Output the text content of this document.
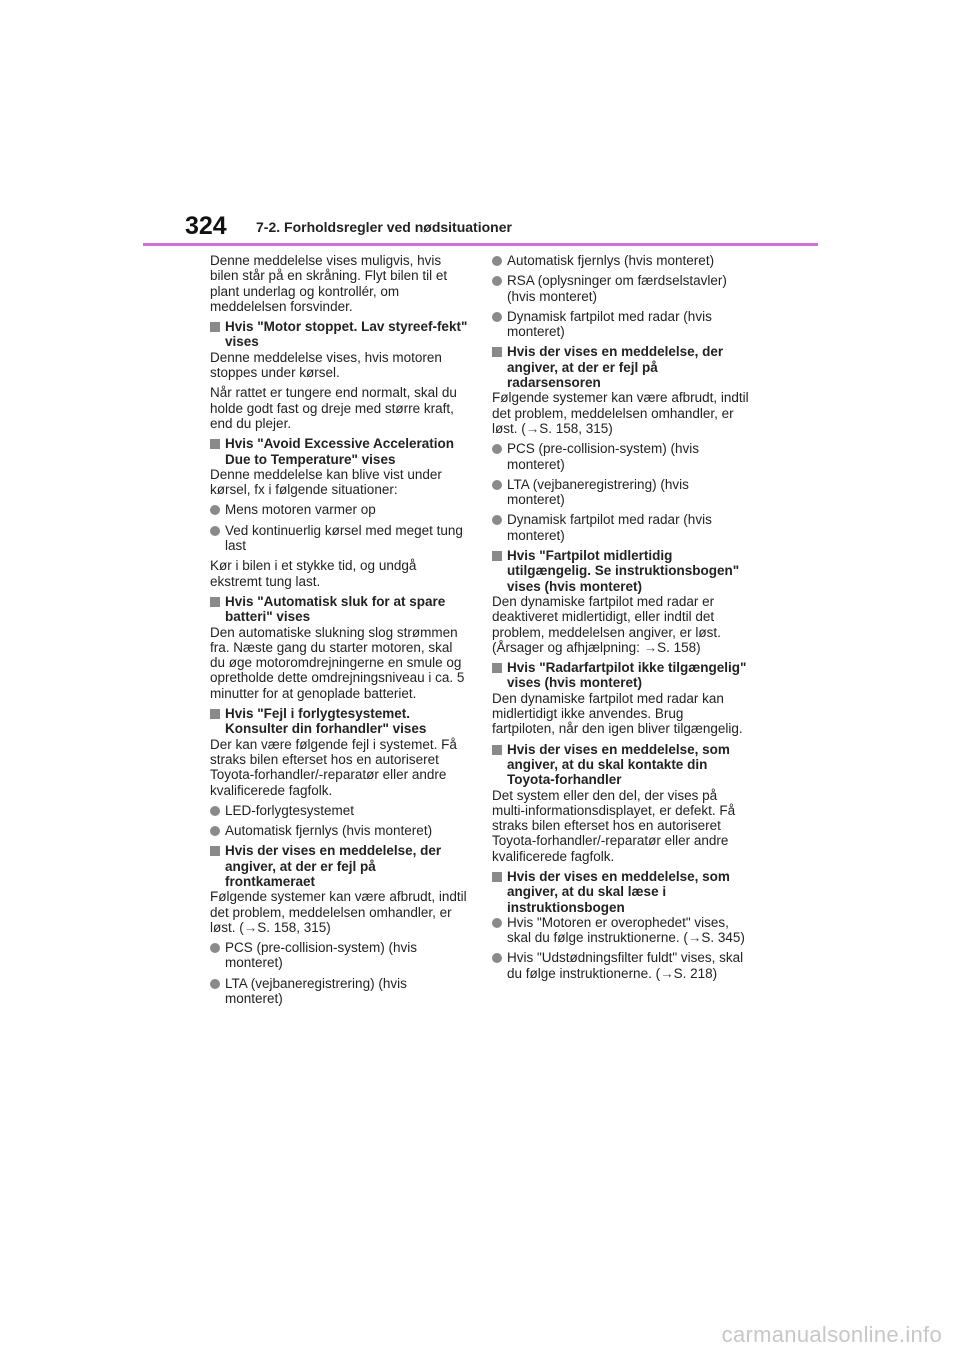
324 7-2. Forholdsregler ved nødsituationer

Denne meddelelse vises muligvis, hvis bilen står på en skråning. Flyt bilen til et plant underlag og kontrollér, om meddelelsen forsvinder.

Hvis "Motor stoppet. Lav styreef-fekt" vises

Denne meddelelse vises, hvis motoren stoppes under kørsel.

Når rattet er tungere end normalt, skal du holde godt fast og dreje med større kraft, end du plejer.

Hvis "Avoid Excessive Acceleration Due to Temperature" vises

Denne meddelelse kan blive vist under kørsel, fx i følgende situationer:

Mens motoren varmer op
Ved kontinuerlig kørsel med meget tung last

Kør i bilen i et stykke tid, og undgå ekstremt tung last.

Hvis "Automatisk sluk for at spare batteri" vises

Den automatiske slukning slog strømmen fra. Næste gang du starter motoren, skal du øge motoromdrejningerne en smule og opretholde dette omdrejningsniveau i ca. 5 minutter for at genoplade batteriet.

Hvis "Fejl i forlygtesystemet. Konsulter din forhandler" vises

Der kan være følgende fejl i systemet. Få straks bilen efterset hos en autoriseret Toyota-forhandler/-reparatør eller andre kvalificerede fagfolk.

LED-forlygtesystemet
Automatisk fjernlys (hvis monteret)
Hvis der vises en meddelelse, der angiver, at der er fejl på frontkameraet

Følgende systemer kan være afbrudt, indtil det problem, meddelelsen omhandler, er løst. (→S. 158, 315)

PCS (pre-collision-system) (hvis monteret)
LTA (vejbaneregistrering) (hvis monteret)
Automatisk fjernlys (hvis monteret)
RSA (oplysninger om færdselstavler) (hvis monteret)
Dynamisk fartpilot med radar (hvis monteret)
Hvis der vises en meddelelse, der angiver, at der er fejl på radarsensoren

Følgende systemer kan være afbrudt, indtil det problem, meddelelsen omhandler, er løst. (→S. 158, 315)

PCS (pre-collision-system) (hvis monteret)
LTA (vejbaneregistrering) (hvis monteret)
Dynamisk fartpilot med radar (hvis monteret)
Hvis "Fartpilot midlertidig utilgængelig. Se instruktionsbogen" vises (hvis monteret)

Den dynamiske fartpilot med radar er deaktiveret midlertidigt, eller indtil det problem, meddelelsen angiver, er løst. (Årsager og afhjælpning: →S. 158)

Hvis "Radarfartpilot ikke tilgængelig" vises (hvis monteret)

Den dynamiske fartpilot med radar kan midlertidigt ikke anvendes. Brug fartpiloten, når den igen bliver tilgængelig.

Hvis der vises en meddelelse, som angiver, at du skal kontakte din Toyota-forhandler

Det system eller den del, der vises på multi-informationsdisplayet, er defekt. Få straks bilen efterset hos en autoriseret Toyota-forhandler/-reparatør eller andre kvalificerede fagfolk.

Hvis der vises en meddelelse, som angiver, at du skal læse i instruktionsbogen
Hvis "Motoren er overophedet" vises, skal du følge instruktionerne. (→S. 345)
Hvis "Udstødningsfilter fuldt" vises, skal du følge instruktionerne. (→S. 218)
carmanualsonline.info
